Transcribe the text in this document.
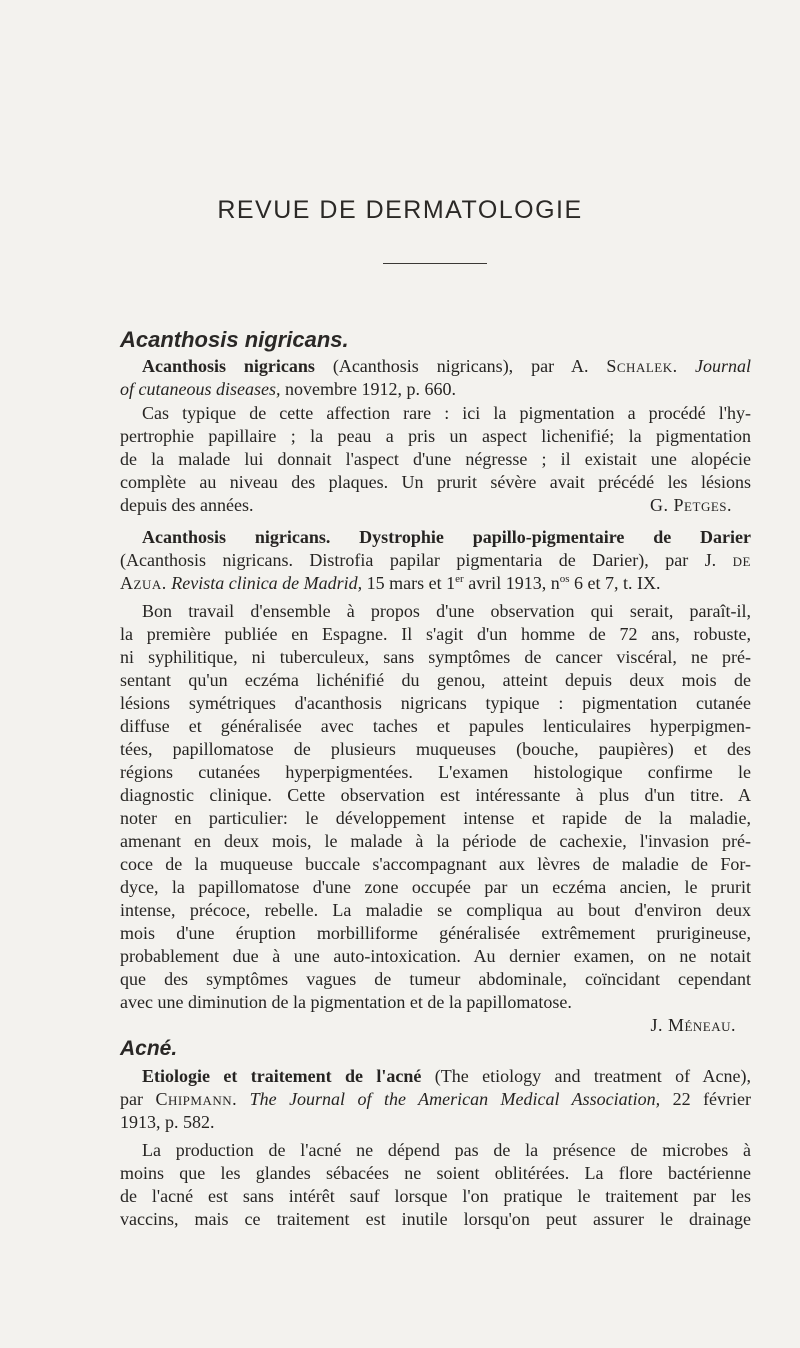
REVUE DE DERMATOLOGIE
Acanthosis nigricans.
Acanthosis nigricans (Acanthosis nigricans), par A. Schalek. Journal
of cutaneous diseases, novembre 1912, p. 660.
Cas typique de cette affection rare : ici la pigmentation a procédé l'hy-
pertrophie papillaire ; la peau a pris un aspect lichenifié; la pigmentation
de la malade lui donnait l'aspect d'une négresse ; il existait une alopécie
complète au niveau des plaques. Un prurit sévère avait précédé les lésions
depuis des années.	G. Petges.
Acanthosis nigricans. Dystrophie papillo-pigmentaire de Darier
(Acanthosis nigricans. Distrofia papilar pigmentaria de Darier), par J. de
Azua. Revista clinica de Madrid, 15 mars et 1er avril 1913, $n^{os}$ 6 et 7, t. IX.
Bon travail d'ensemble à propos d'une observation qui serait, paraît-il,
la première publiée en Espagne. Il s'agit d'un homme de 72 ans, robuste,
ni syphilitique, ni tuberculeux, sans symptômes de cancer viscéral, ne pré-
sentant qu'un eczéma lichénifié du genou, atteint depuis deux mois de
lésions symétriques d'acanthosis nigricans typique : pigmentation cutanée
diffuse et généralisée avec taches et papules lenticulaires hyperpigmen-
tées, papillomatose de plusieurs muqueuses (bouche, paupières) et des
régions cutanées hyperpigmentées. L'examen histologique confirme le
diagnostic clinique. Cette observation est intéressante à plus d'un titre. A
noter en particulier: le développement intense et rapide de la maladie,
amenant en deux mois, le malade à la période de cachexie, l'invasion pré-
coce de la muqueuse buccale s'accompagnant aux lèvres de maladie de For-
dyce, la papillomatose d'une zone occupée par un eczéma ancien, le prurit
intense, précoce, rebelle. La maladie se compliqua au bout d'environ deux
mois d'une éruption morbilliforme généralisée extrêmement prurigineuse,
probablement due à une auto-intoxication. Au dernier examen, on ne notait
que des symptômes vagues de tumeur abdominale, coïncidant cependant
avec une diminution de la pigmentation et de la papillomatose.
J. Méneau.
Acné.
Etiologie et traitement de l'acné (The etiology and treatment of Acne),
par Chipmann. The Journal of the American Medical Association, 22 février
1913, p. 582.
La production de l'acné ne dépend pas de la présence de microbes à
moins que les glandes sébacées ne soient oblitérées. La flore bactérienne
de l'acné est sans intérêt sauf lorsque l'on pratique le traitement par les
vaccins, mais ce traitement est inutile lorsqu'on peut assurer le drainage
